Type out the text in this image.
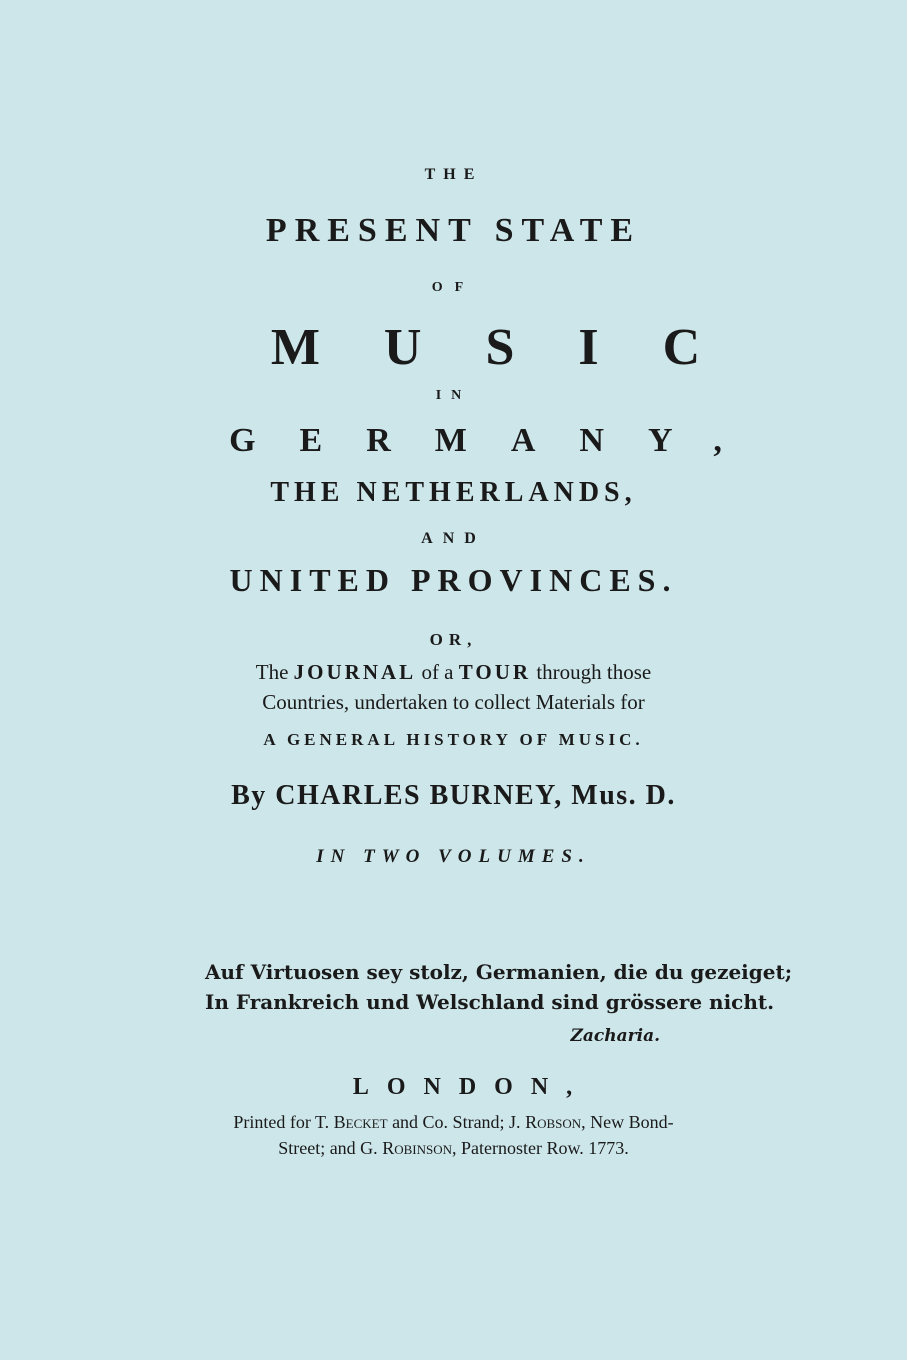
THE
PRESENT STATE
OF
MUSIC
IN
GERMANY,
THE NETHERLANDS,
AND
UNITED PROVINCES.
OR,
The JOURNAL of a TOUR through those
Countries, undertaken to collect Materials for
A GENERAL HISTORY OF MUSIC.
By CHARLES BURNEY, Mus. D.
IN TWO VOLUMES.
Auf Virtuosen sey stolz, Germanien, die du gezeiget;
In Frankreich und Welschland sind grössere nicht.
Zacharia.
LONDON,
Printed for T. Becket and Co. Strand; J. Robson, New Bond-
Street; and G. Robinson, Paternoster Row. 1773.
